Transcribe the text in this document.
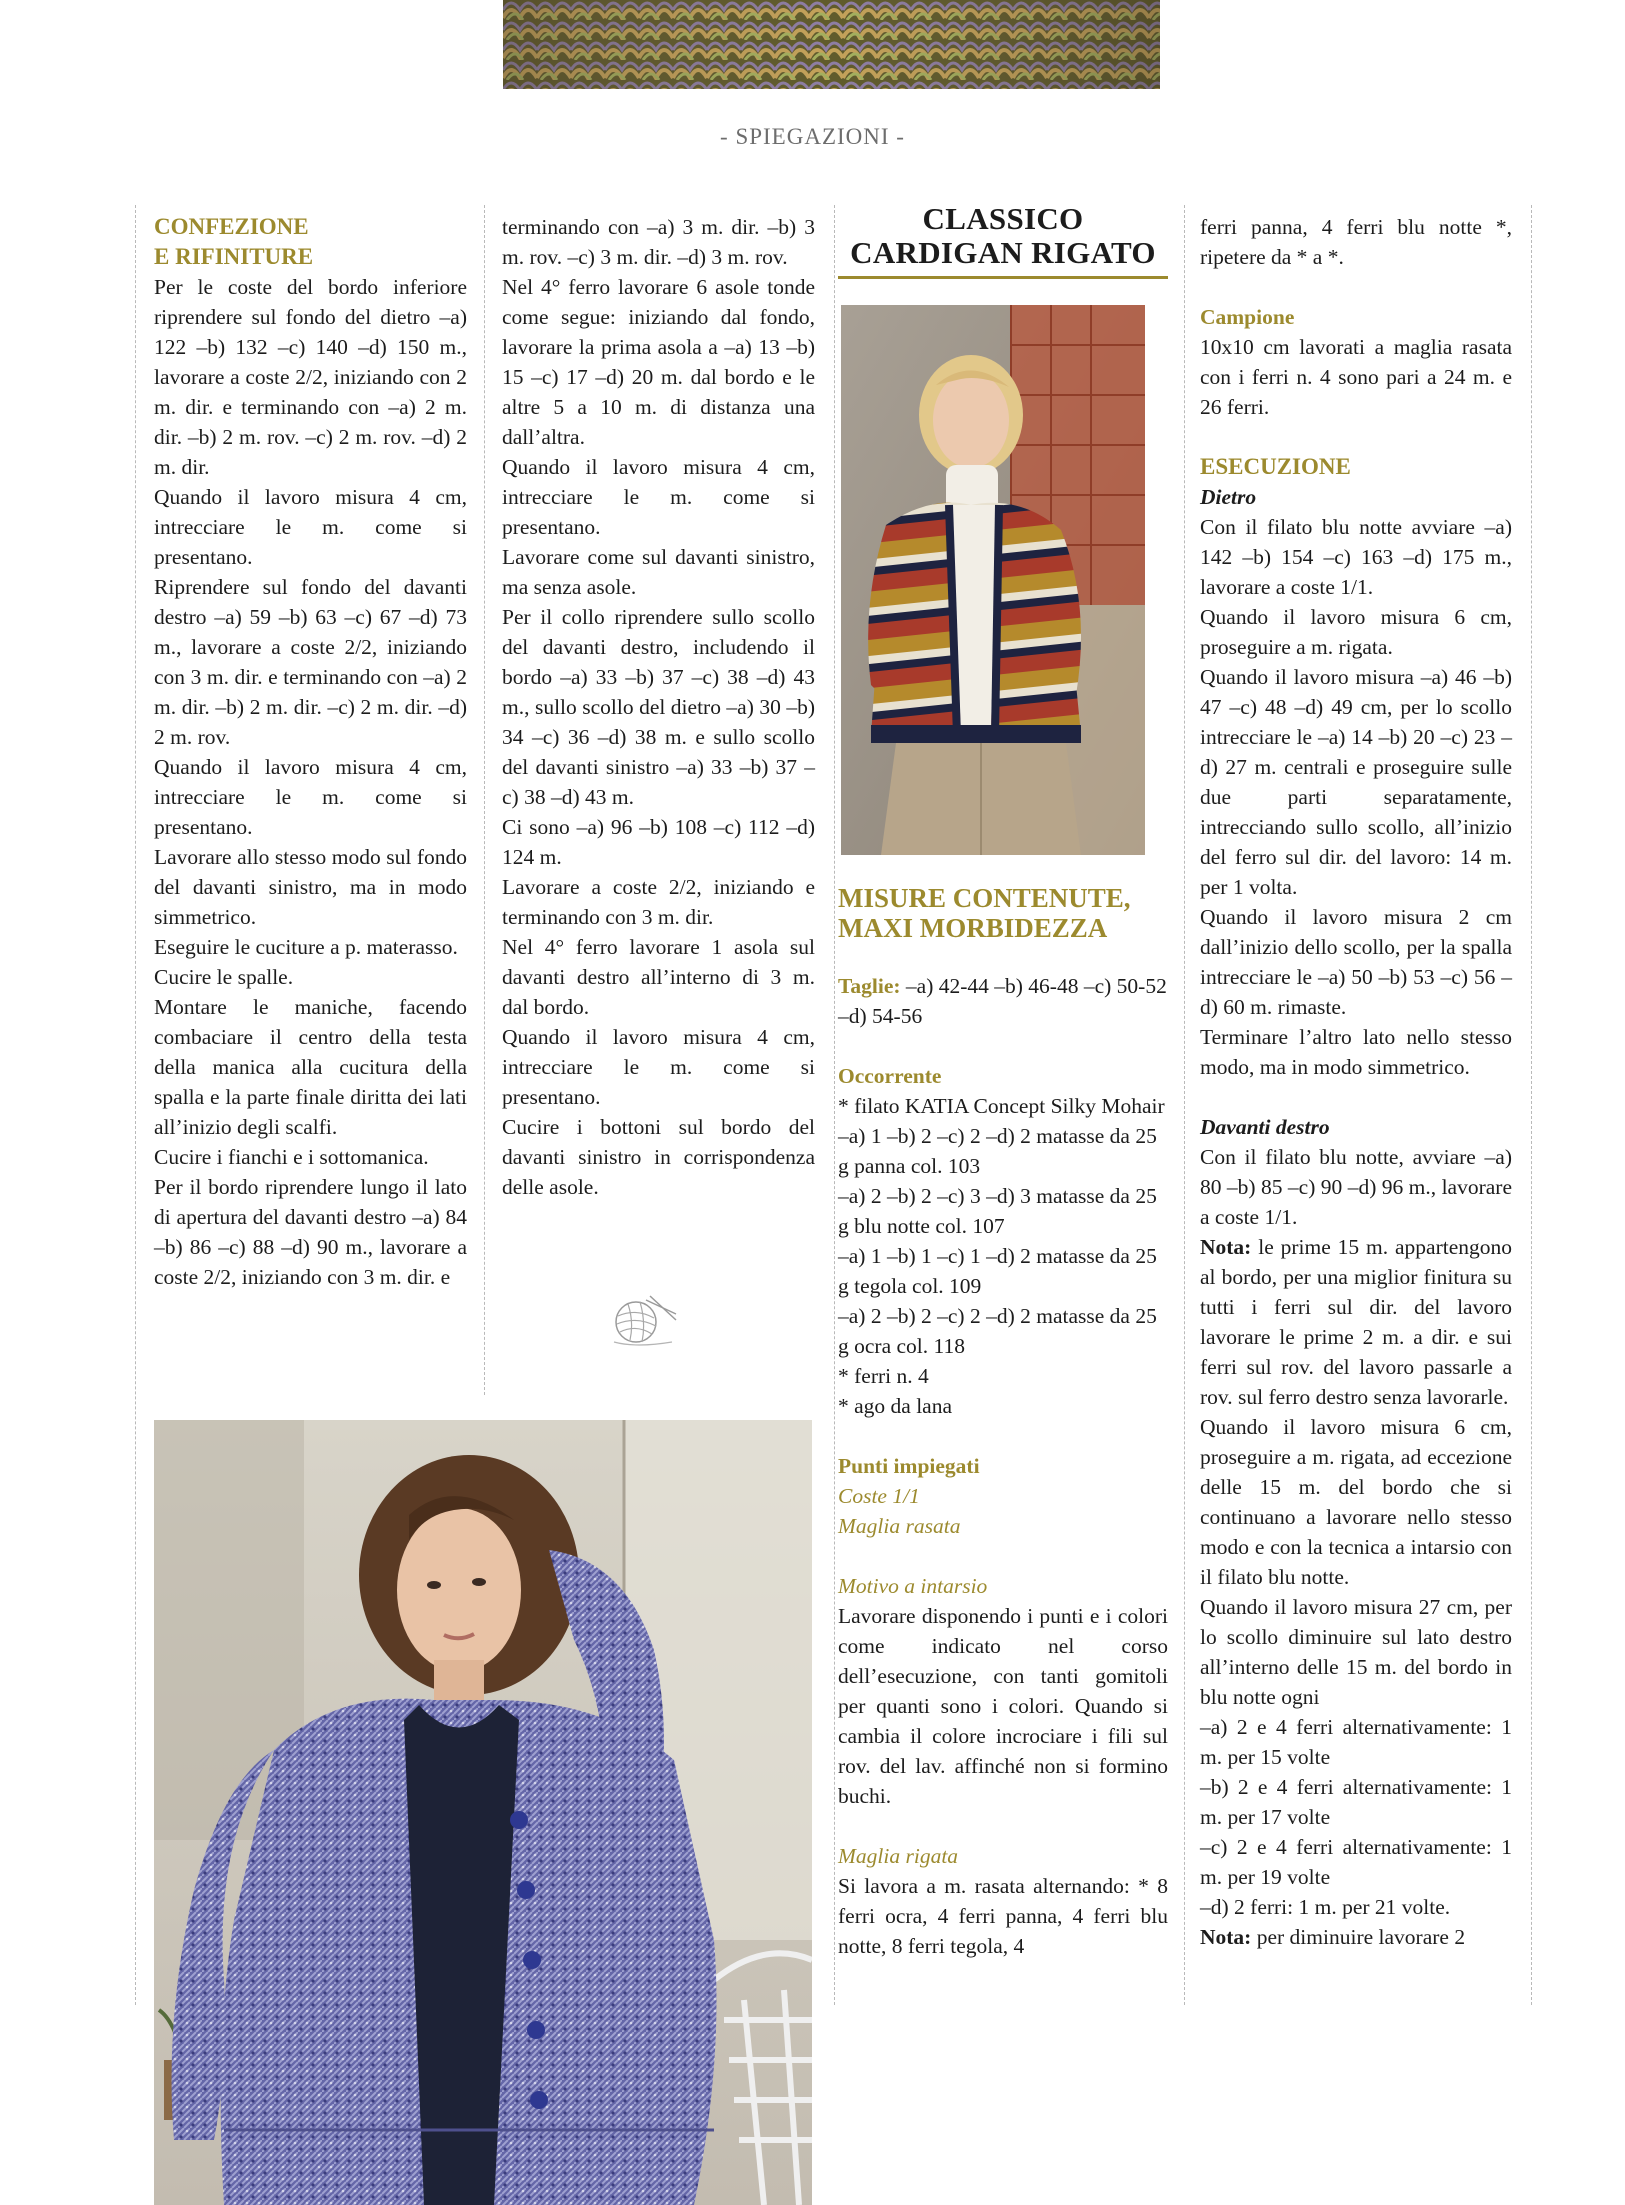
- SPIEGAZIONI -

CONFEZIONE

E RIFINITURE

Per le coste del bordo inferiore riprendere sul fondo del dietro –a) 122 –b) 132 –c) 140 –d) 150 m., lavorare a coste 2/2, iniziando con 2 m. dir. e terminando con –a) 2 m. dir. –b) 2 m. rov. –c) 2 m. rov. –d) 2 m. dir.

Quando il lavoro misura 4 cm, intrecciare le m. come si presentano.

Riprendere sul fondo del davanti destro –a) 59 –b) 63 –c) 67 –d) 73 m., lavorare a coste 2/2, iniziando con 3 m. dir. e terminando con –a) 2 m. dir. –b) 2 m. dir. –c) 2 m. dir. –d) 2 m. rov.

Quando il lavoro misura 4 cm, intrecciare le m. come si presentano.

Lavorare allo stesso modo sul fondo del davanti sinistro, ma in modo simmetrico.

Eseguire le cuciture a p. materasso.

Cucire le spalle.

Montare le maniche, facendo combaciare il centro della testa della manica alla cucitura della spalla e la parte finale diritta dei lati all’inizio degli scalfi.

Cucire i fianchi e i sottomanica.

Per il bordo riprendere lungo il lato di apertura del davanti destro –a) 84 –b) 86 –c) 88 –d) 90 m., lavorare a coste 2/2, iniziando con 3 m. dir. e

terminando con –a) 3 m. dir. –b) 3 m. rov. –c) 3 m. dir. –d) 3 m. rov.

Nel 4° ferro lavorare 6 asole tonde come segue: iniziando dal fondo, lavorare la prima asola a –a) 13 –b) 15 –c) 17 –d) 20 m. dal bordo e le altre 5 a 10 m. di distanza una dall’altra.

Quando il lavoro misura 4 cm, intrecciare le m. come si presentano.

Lavorare come sul davanti sinistro, ma senza asole.

Per il collo riprendere sullo scollo del davanti destro, includendo il bordo –a) 33 –b) 37 –c) 38 –d) 43 m., sullo scollo del dietro –a) 30 –b) 34 –c) 36 –d) 38 m. e sullo scollo del davanti sinistro –a) 33 –b) 37 –c) 38 –d) 43 m.

Ci sono –a) 96 –b) 108 –c) 112 –d) 124 m.

Lavorare a coste 2/2, iniziando e terminando con 3 m. dir.

Nel 4° ferro lavorare 1 asola sul davanti destro all’interno di 3 m. dal bordo.

Quando il lavoro misura 4 cm, intrecciare le m. come si presentano.

Cucire i bottoni sul bordo del davanti sinistro in corrispondenza delle asole.

CLASSICO
CARDIGAN RIGATO
MISURE CONTENUTE,
MAXI MORBIDEZZA

Taglie: –a) 42-44 –b) 46-48 –c) 50-52 –d) 54-56

Occorrente

* filato KATIA Concept Silky Mohair

–a) 1 –b) 2 –c) 2 –d) 2 matasse da 25 g panna col. 103

–a) 2 –b) 2 –c) 3 –d) 3 matasse da 25 g blu notte col. 107

–a) 1 –b) 1 –c) 1 –d) 2 matasse da 25 g tegola col. 109

–a) 2 –b) 2 –c) 2 –d) 2 matasse da 25 g ocra col. 118

* ferri n. 4

* ago da lana

Punti impiegati

Coste 1/1

Maglia rasata

Motivo a intarsio

Lavorare disponendo i punti e i colori come indicato nel corso dell’esecuzione, con tanti gomitoli per quanti sono i colori. Quando si cambia il colore incrociare i fili sul rov. del lav. affinché non si formino buchi.

Maglia rigata

Si lavora a m. rasata alternando: * 8 ferri ocra, 4 ferri panna, 4 ferri blu notte, 8 ferri tegola, 4

ferri panna, 4 ferri blu notte *, ripetere da * a *.

Campione

10x10 cm lavorati a maglia rasata con i ferri n. 4 sono pari a 24 m. e 26 ferri.

ESECUZIONE

Dietro

Con il filato blu notte avviare –a) 142 –b) 154 –c) 163 –d) 175 m., lavorare a coste 1/1.

Quando il lavoro misura 6 cm, proseguire a m. rigata.

Quando il lavoro misura –a) 46 –b) 47 –c) 48 –d) 49 cm, per lo scollo intrecciare le –a) 14 –b) 20 –c) 23 –d) 27 m. centrali e proseguire sulle due parti separatamente, intrecciando sullo scollo, all’inizio del ferro sul dir. del lavoro: 14 m. per 1 volta.

Quando il lavoro misura 2 cm dall’inizio dello scollo, per la spalla intrecciare le –a) 50 –b) 53 –c) 56 –d) 60 m. rimaste.

Terminare l’altro lato nello stesso modo, ma in modo simmetrico.

Davanti destro

Con il filato blu notte, avviare –a) 80 –b) 85 –c) 90 –d) 96 m., lavorare a coste 1/1.

Nota: le prime 15 m. appartengono al bordo, per una miglior finitura su tutti i ferri sul dir. del lavoro lavorare le prime 2 m. a dir. e sui ferri sul rov. del lavoro passarle a rov. sul ferro destro senza lavorarle.

Quando il lavoro misura 6 cm, proseguire a m. rigata, ad eccezione delle 15 m. del bordo che si continuano a lavorare nello stesso modo e con la tecnica a intarsio con il filato blu notte.

Quando il lavoro misura 27 cm, per lo scollo diminuire sul lato destro all’interno delle 15 m. del bordo in blu notte ogni

–a) 2 e 4 ferri alternativamente: 1 m. per 15 volte

–b) 2 e 4 ferri alternativamente: 1 m. per 17 volte

–c) 2 e 4 ferri alternativamente: 1 m. per 19 volte

–d) 2 ferri: 1 m. per 21 volte.

Nota: per diminuire lavorare 2
